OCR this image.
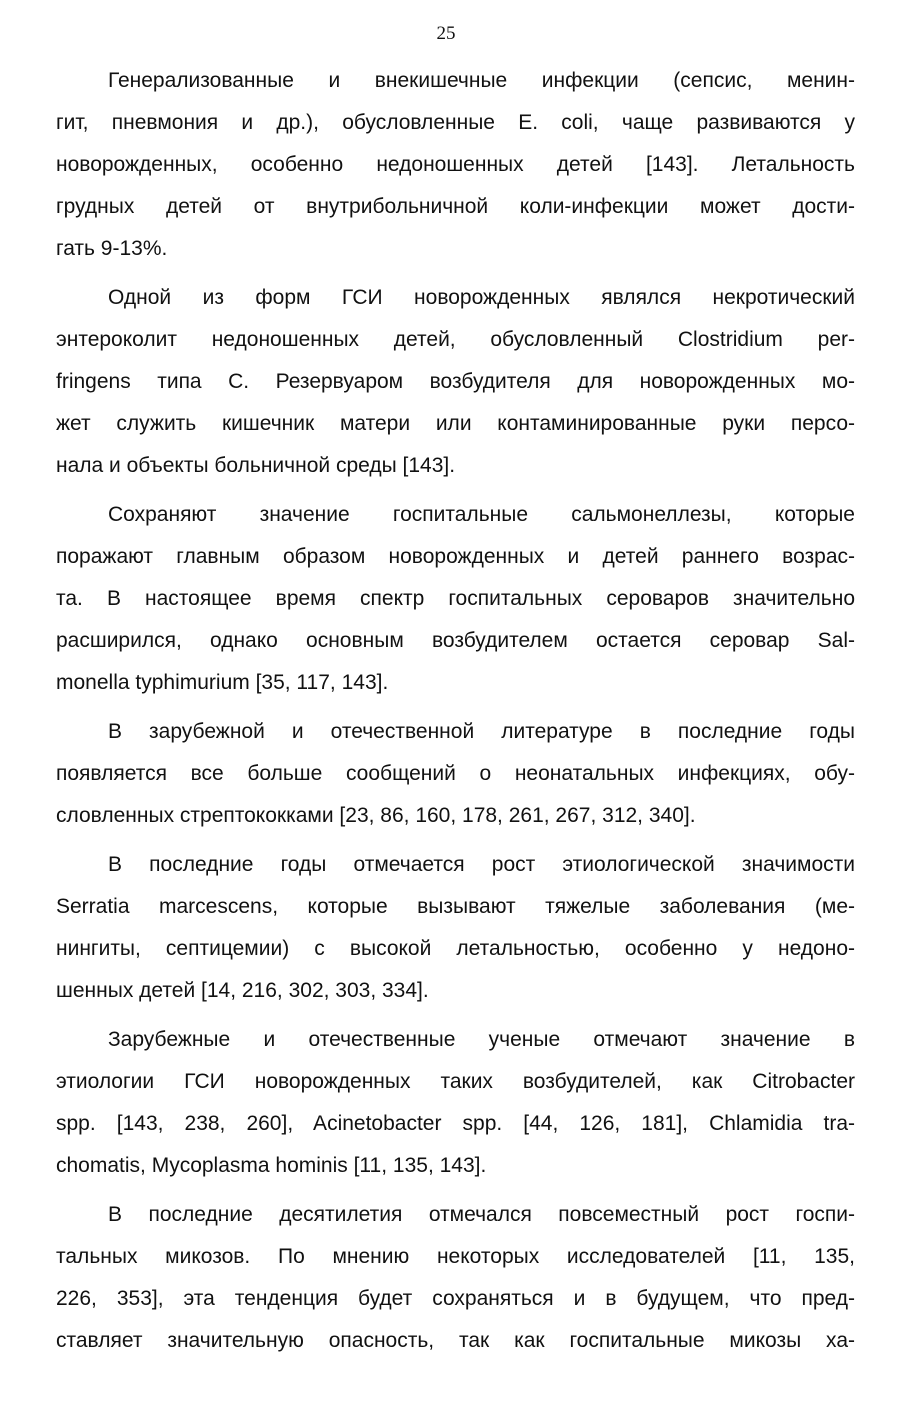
25
Генерализованные и внекишечные инфекции (сепсис, менин-
гит, пневмония и др.), обусловленные E. coli, чаще развиваются у
новорожденных, особенно недоношенных детей [143]. Летальность
грудных детей от внутрибольничной коли-инфекции может дости-
гать 9-13%.
Одной из форм ГСИ новорожденных являлся некротический
энтероколит недоношенных детей, обусловленный Clostridium per-
fringens типа С. Резервуаром возбудителя для новорожденных мо-
жет служить кишечник матери или контаминированные руки персо-
нала и объекты больничной среды [143].
Сохраняют значение госпитальные сальмонеллезы, которые
поражают главным образом новорожденных и детей раннего возрас-
та. В настоящее время спектр госпитальных сероваров значительно
расширился, однако основным возбудителем остается серовар Sal-
monella typhimurium [35, 117, 143].
В зарубежной и отечественной литературе в последние годы
появляется все больше сообщений о неонатальных инфекциях, обу-
словленных стрептококками [23, 86, 160, 178, 261, 267, 312, 340].
В последние годы отмечается рост этиологической значимости
Serratia marcescens, которые вызывают тяжелые заболевания (ме-
нингиты, септицемии) с высокой летальностью, особенно у недоно-
шенных детей [14, 216, 302, 303, 334].
Зарубежные и отечественные ученые отмечают значение в
этиологии ГСИ новорожденных таких возбудителей, как Citrobacter
spp. [143, 238, 260], Acinetobacter spp. [44, 126, 181], Chlamidia tra-
chomatis, Mycoplasma hominis [11, 135, 143].
В последние десятилетия отмечался повсеместный рост госпи-
тальных микозов. По мнению некоторых исследователей [11, 135,
226, 353], эта тенденция будет сохраняться и в будущем, что пред-
ставляет значительную опасность, так как госпитальные микозы ха-
